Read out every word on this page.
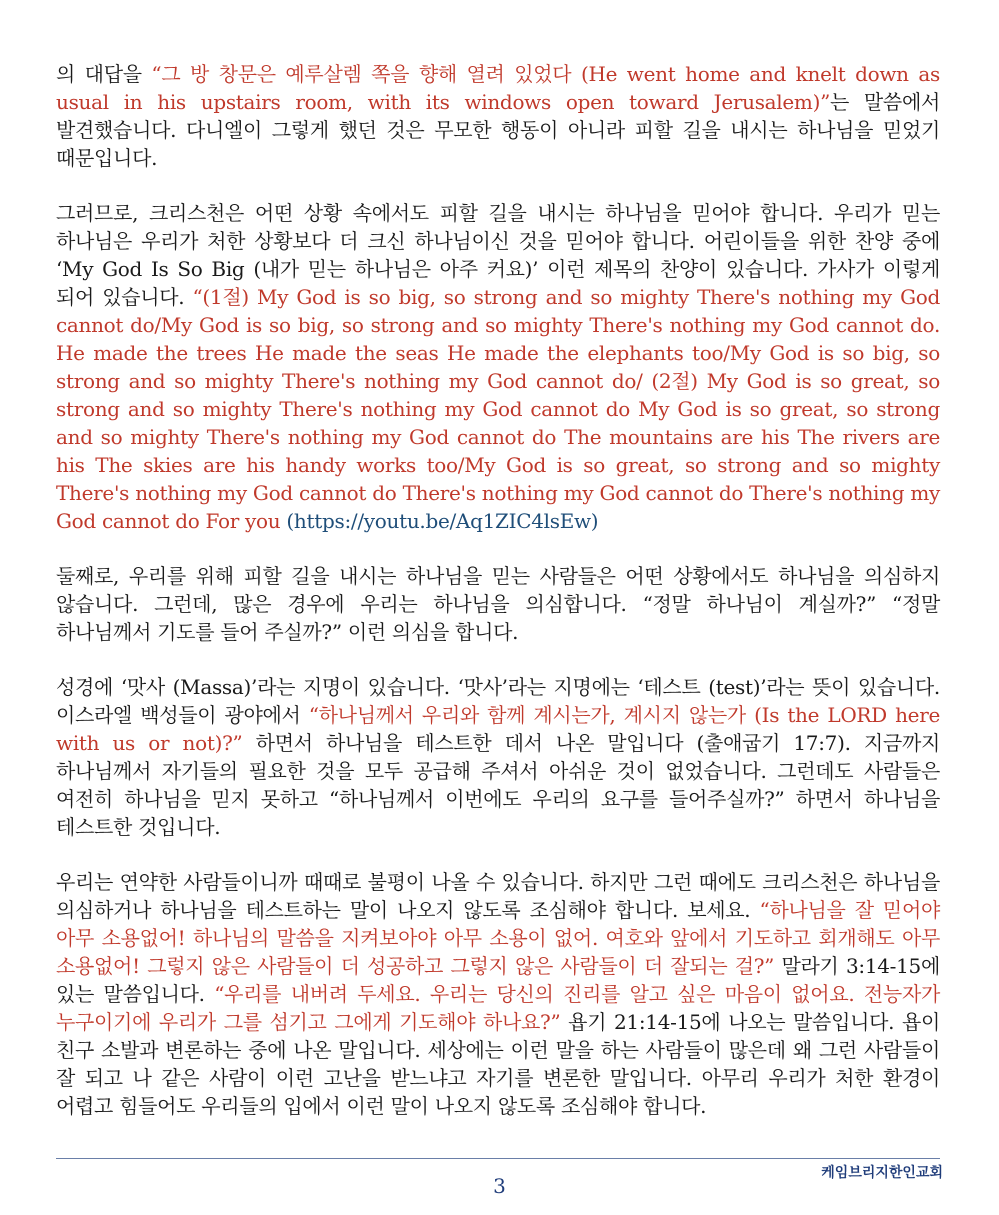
의 대답을 “그 방 창문은 예루살렘 쪽을 향해 열려 있었다 (He went home and knelt down as usual in his upstairs room, with its windows open toward Jerusalem)”는 말씀에서 발견했습니다. 다니엘이 그렇게 했던 것은 무모한 행동이 아니라 피할 길을 내시는 하나님을 믿었기 때문입니다.

그러므로, 크리스천은 어떤 상황 속에서도 피할 길을 내시는 하나님을 믿어야 합니다. 우리가 믿는 하나님은 우리가 처한 상황보다 더 크신 하나님이신 것을 믿어야 합니다. 어린이들을 위한 찬양 중에 ‘My God Is So Big (내가 믿는 하나님은 아주 커요)’ 이런 제목의 찬양이 있습니다. 가사가 이렇게 되어 있습니다. “(1절) My God is so big, so strong and so mighty There's nothing my God cannot do/My God is so big, so strong and so mighty There's nothing my God cannot do. He made the trees He made the seas He made the elephants too/My God is so big, so strong and so mighty There's nothing my God cannot do/ (2절) My God is so great, so strong and so mighty There's nothing my God cannot do My God is so great, so strong and so mighty There's nothing my God cannot do The mountains are his The rivers are his The skies are his handy works too/My God is so great, so strong and so mighty There's nothing my God cannot do There's nothing my God cannot do There's nothing my God cannot do For you (https://youtu.be/Aq1ZIC4lsEw)

둘째로, 우리를 위해 피할 길을 내시는 하나님을 믿는 사람들은 어떤 상황에서도 하나님을 의심하지 않습니다. 그런데, 많은 경우에 우리는 하나님을 의심합니다. “정말 하나님이 계실까?” “정말 하나님께서 기도를 들어 주실까?” 이런 의심을 합니다.

성경에 ‘맛사 (Massa)’라는 지명이 있습니다. ‘맛사’라는 지명에는 ‘테스트 (test)’라는 뜻이 있습니다. 이스라엘 백성들이 광야에서 “하나님께서 우리와 함께 계시는가, 계시지 않는가 (Is the LORD here with us or not)?” 하면서 하나님을 테스트한 데서 나온 말입니다 (출애굽기 17:7). 지금까지 하나님께서 자기들의 필요한 것을 모두 공급해 주셔서 아쉬운 것이 없었습니다. 그런데도 사람들은 여전히 하나님을 믿지 못하고 “하나님께서 이번에도 우리의 요구를 들어주실까?” 하면서 하나님을 테스트한 것입니다.

우리는 연약한 사람들이니까 때때로 불평이 나올 수 있습니다. 하지만 그런 때에도 크리스천은 하나님을 의심하거나 하나님을 테스트하는 말이 나오지 않도록 조심해야 합니다. 보세요. “하나님을 잘 믿어야 아무 소용없어! 하나님의 말씀을 지켜보아야 아무 소용이 없어. 여호와 앞에서 기도하고 회개해도 아무 소용없어! 그렇지 않은 사람들이 더 성공하고 그렇지 않은 사람들이 더 잘되는 걸?” 말라기 3:14-15에 있는 말씀입니다. “우리를 내버려 두세요. 우리는 당신의 진리를 알고 싶은 마음이 없어요. 전능자가 누구이기에 우리가 그를 섬기고 그에게 기도해야 하나요?” 욥기 21:14-15에 나오는 말씀입니다. 욥이 친구 소발과 변론하는 중에 나온 말입니다. 세상에는 이런 말을 하는 사람들이 많은데 왜 그런 사람들이 잘 되고 나 같은 사람이 이런 고난을 받느냐고 자기를 변론한 말입니다. 아무리 우리가 처한 환경이 어렵고 힘들어도 우리들의 입에서 이런 말이 나오지 않도록 조심해야 합니다.

케임브리지한인교회
3
